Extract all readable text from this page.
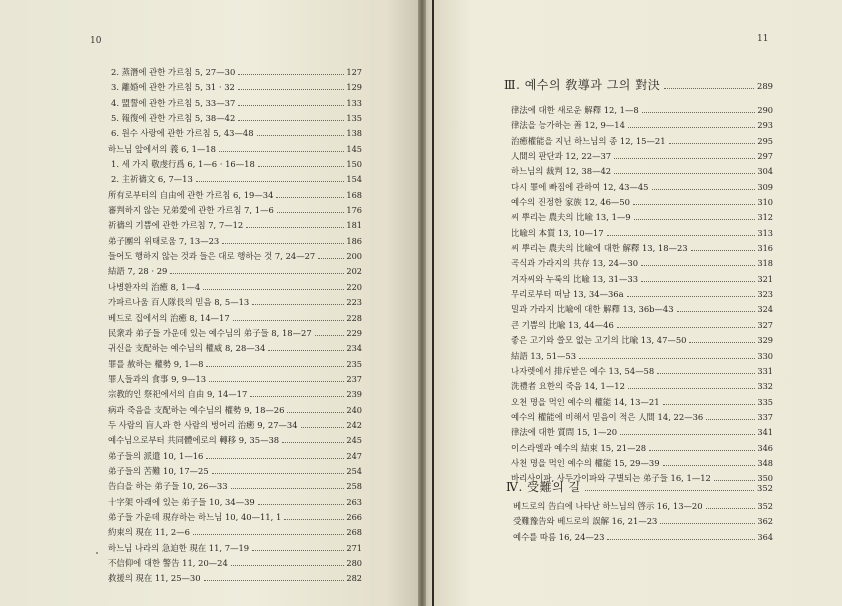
10
2. 蒸潛에 관한 가르침 5, 27—30	127
3. 離婚에 관한 가르침 5, 31 · 32	129
4. 盟誓에 관한 가르침 5, 33—37	133
5. 報復에 관한 가르침 5, 38—42	135
6. 원수 사랑에 관한 가르침 5, 43—48	138
하느님 앞에서의 義 6, 1—18	145
1. 세 가지 敬虔行爲 6, 1—6 · 16—18	150
2. 主祈禱文 6, 7—13	154
所有로부터의 自由에 관한 가르침 6, 19—34	168
審判하지 않는 兄弟愛에 관한 가르침 7, 1—6	176
祈禱의 기쁨에 관한 가르침 7, 7—12	181
弟子團의 위태로움 7, 13—23	186
들어도 행하지 않는 것과 들은 대로 행하는 것 7, 24—27	200
結語 7, 28 · 29	202
나병환자의 治癒 8, 1—4	220
가파르나움 百人隊長의 믿음 8, 5—13	223
베드로 집에서의 治癒 8, 14—17	228
民衆과 弟子들 가운데 있는 예수님의 弟子들 8, 18—27	229
귀신을 支配하는 예수님의 權威 8, 28—34	234
罪를 赦하는 權勢 9, 1—8	235
罪人들과의 食事 9, 9—13	237
宗教的인 祭祀에서의 自由 9, 14—17	239
病과 죽음을 支配하는 예수님의 權勢 9, 18—26	240
두 사람의 盲人과 한 사람의 벙어리 治癒 9, 27—34	242
예수님으로부터 共同體에로의 轉移 9, 35—38	245
弟子들의 派遣 10, 1—16	247
弟子들의 苦難 10, 17—25	254
告白을 하는 弟子들 10, 26—33	258
十字架 아래에 있는 弟子들 10, 34—39	263
弟子들 가운데 現存하는 하느님 10, 40—11, 1	266
約束의 現在 11, 2—6	268
하느님 나라의 急迫한 現在 11, 7—19	271
不信仰에 대한 警告 11, 20—24	280
救援의 現在 11, 25—30	282
11
Ⅲ. 예수의 敎導과 그의 對決	289
律法에 대한 새로운 解釋 12, 1—8	290
律法을 능가하는 善 12, 9—14	293
治癒權能을 지닌 하느님의 종 12, 15—21	295
人間의 판단과 12, 22—37	297
하느님의 裁判 12, 38—42	304
다시 罪에 빠짐에 관하여 12, 43—45	309
예수의 진정한 家族 12, 46—50	310
씨 뿌리는 農夫의 比喩 13, 1—9	312
比喩의 本質 13, 10—17	313
씨 뿌리는 農夫의 比喩에 대한 解釋 13, 18—23	316
곡식과 가라지의 共存 13, 24—30	318
겨자씨와 누룩의 比喩 13, 31—33	321
무리로부터 떠남 13, 34—36a	323
밀과 가라지 比喩에 대한 解釋 13, 36b—43	324
큰 기쁨의 比喩 13, 44—46	327
좋은 고기와 쓸모 없는 고기의 比喩 13, 47—50	329
結語 13, 51—53	330
나자렛에서 排斥받은 예수 13, 54—58	331
洗禮者 요한의 죽음 14, 1—12	332
오천 명을 먹인 예수의 權能 14, 13—21	335
예수의 權能에 비해서 믿음이 적은 人間 14, 22—36	337
律法에 대한 質問 15, 1—20	341
이스라엘과 예수의 結束 15, 21—28	346
사천 명을 먹인 예수의 權能 15, 29—39	348
바리사이파, 사두가이파와 구별되는 弟子들 16, 1—12	350
Ⅳ. 受難의 길	352
베드로의 告白에 나타난 하느님의 啓示 16, 13—20	352
受難豫告와 베드로의 誤解 16, 21—23	362
예수를 따름 16, 24—23	364
